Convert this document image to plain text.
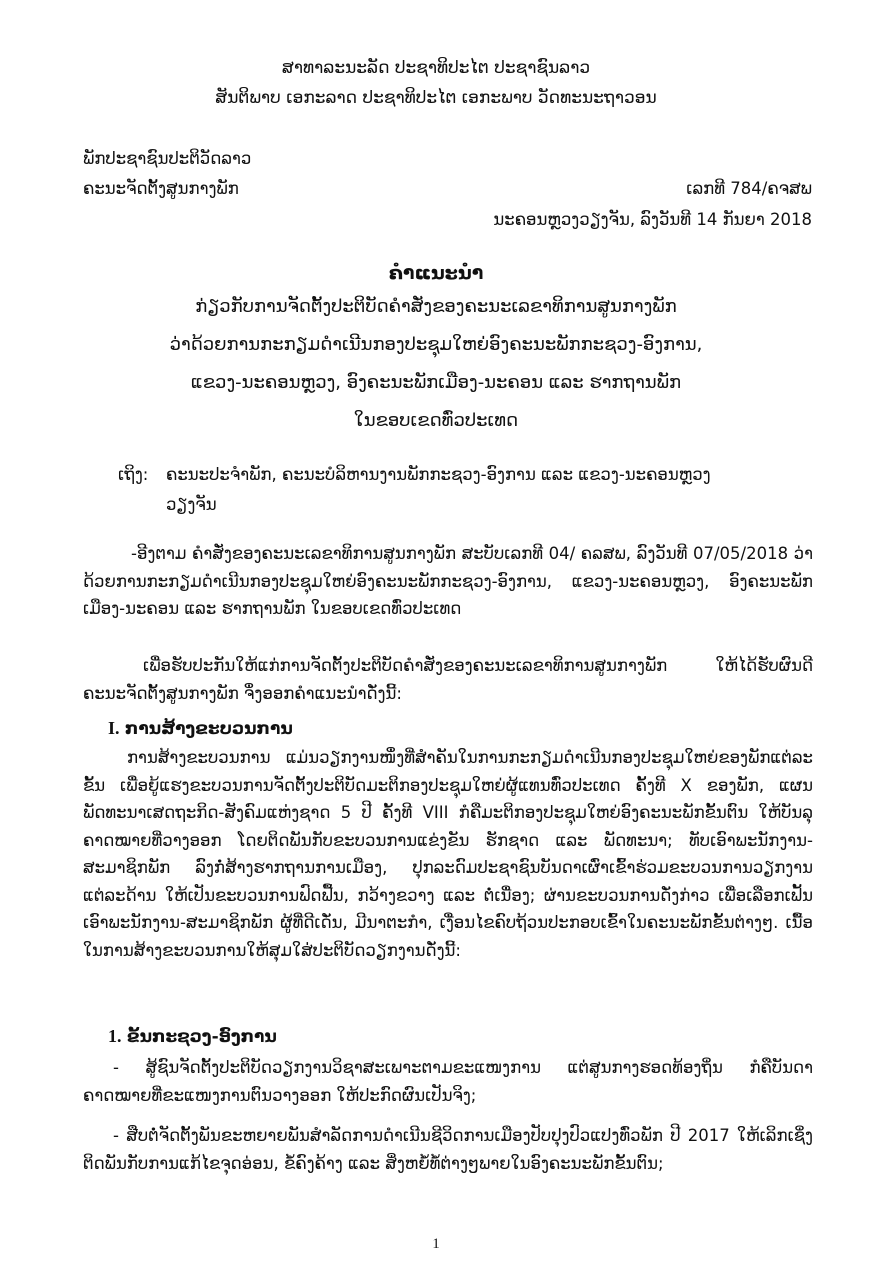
ສາທາລະນະລັດ ປະຊາທິປະໄຕ ປະຊາຊົນລາວ
ສັນຕິພາບ ເອກະລາດ ປະຊາທິປະໄຕ ເອກະພາບ ວັດທະນະຖາວອນ
ພັກປະຊາຊົນປະຕິວັດລາວ
ຄະນະຈັດຕັ້ງສູນກາງພັກ	ເລກທີ 784/ຄຈສພ
ນະຄອນຫຼວງວຽງຈັນ, ລົງວັນທີ 14 ກັນຍາ 2018
ຄໍາແນະນໍາ
ກ່ຽວກັບການຈັດຕັ້ງປະຕິບັດຄໍາສັ່ງຂອງຄະນະເລຂາທິການສູນກາງພັກ
ວ່າດ້ວຍການກະກຽມດໍາເນີນກອງປະຊຸມໃຫຍ່ອົງຄະນະພັກກະຊວງ-ອົງການ,
ແຂວງ-ນະຄອນຫຼວງ, ອົງຄະນະພັກເມືອງ-ນະຄອນ ແລະ ຮາກຖານພັກ
ໃນຂອບເຂດທົ່ວປະເທດ
ເຖິງ: ຄະນະປະຈໍາພັກ, ຄະນະບໍລິຫານງານພັກກະຊວງ-ອົງການ ແລະ ແຂວງ-ນະຄອນຫຼວງ
ວຽງຈັນ
-ອີງຕາມ ຄໍາສັ່ງຂອງຄະນະເລຂາທິການສູນກາງພັກ ສະບັບເລກທີ 04/ ຄລສພ, ລົງວັນທີ 07/05/2018 ວ່າດ້ວຍການກະກຽມດໍາເນີນກອງປະຊຸມໃຫຍ່ອົງຄະນະພັກກະຊວງ-ອົງການ, ແຂວງ-ນະຄອນຫຼວງ, ອົງຄະນະພັກເມືອງ-ນະຄອນ ແລະ ຮາກຖານພັກ ໃນຂອບເຂດທົ່ວປະເທດ
ເພື່ອຮັບປະກັນໃຫ້ແກ່ການຈັດຕັ້ງປະຕິບັດຄໍາສັ່ງຂອງຄະນະເລຂາທິການສູນກາງພັກ ໃຫ້ໄດ້ຮັບຜົນດີ ຄະນະຈັດຕັ້ງສູນກາງພັກ ຈຶ່ງອອກຄໍາແນະນໍາດັ່ງນີ້:
I. ການສ້າງຂະບວນການ
ການສ້າງຂະບວນການ ແມ່ນວຽກງານໜຶ່ງທີ່ສໍາຄັນໃນການກະກຽມດໍາເນີນກອງປະຊຸມໃຫຍ່ຂອງພັກແຕ່ລະຂັ້ນ ເພື່ອຍູ້ແຮງຂະບວນການຈັດຕັ້ງປະຕິບັດມະຕິກອງປະຊຸມໃຫຍ່ຜູ້ແທນທົ່ວປະເທດ ຄັ້ງທີ X ຂອງພັກ, ແຜນພັດທະນາເສດຖະກິດ-ສັງຄົມແຫ່ງຊາດ 5 ປີ ຄັ້ງທີ VIII ກໍຄືມະຕິກອງປະຊຸມໃຫຍ່ອົງຄະນະພັກຂັ້ນຕົນ ໃຫ້ບັນລຸຄາດໝາຍທີ່ວາງອອກ ໂດຍຕິດພັນກັບຂະບວນການແຂ່ງຂັນ ຮັກຊາດ ແລະ ພັດທະນາ; ທັບເອົາພະນັກງານ-ສະມາຊິກພັກ ລົງກໍ່ສ້າງຮາກຖານການເມືອງ, ປຸກລະດົມປະຊາຊົນບັນດາເຜົ່າເຂົ້າຮ່ວມຂະບວນການວຽກງານແຕ່ລະດ້ານ ໃຫ້ເປັນຂະບວນການຟົດຟື້ນ, ກວ້າງຂວາງ ແລະ ຕໍ່ເນື່ອງ; ຜ່ານຂະບວນການດັ່ງກ່າວ ເພື່ອເລືອກເຟັ້ນເອົາພະນັກງານ-ສະມາຊິກພັກ ຜູ້ທີ່ດີເດັ່ນ, ມີນາຕະກຳ, ເງື່ອນໄຂຄົບຖ້ວນປະກອບເຂົ້າໃນຄະນະພັກຂັ້ນຕ່າງໆ. ເນື້ອໃນການສ້າງຂະບວນການໃຫ້ສຸມໃສ່ປະຕິບັດວຽກງານດັ່ງນີ້:
1. ຂັ້ນກະຊວງ-ອົງການ
- ສູ້ຊົນຈັດຕັ້ງປະຕິບັດວຽກງານວິຊາສະເພາະຕາມຂະແໜງການ ແຕ່ສູນກາງຮອດທ້ອງຖິ່ນ ກໍຄືບັນດາຄາດໝາຍທີ່ຂະແໜງການຕົນວາງອອກ ໃຫ້ປະກົດຜົນເປັນຈິງ;
- ສືບຕໍ່ຈັດຕັ້ງພັນຂະຫຍາຍພັນສໍາລັດການດໍາເນີນຊີວິດການເມືອງປັບປຸງປົວແປງທົ່ວພັກ ປີ 2017 ໃຫ້ເລິກເຊິ່ງ ຕິດພັນກັບການແກ້ໄຂຈຸດອ່ອນ, ຂໍ້ຄົງຄ້າງ ແລະ ສິ່ງຫຍໍ້ທໍ້ຕ່າງໆພາຍໃນອົງຄະນະພັກຂັ້ນຕົນ;
1
